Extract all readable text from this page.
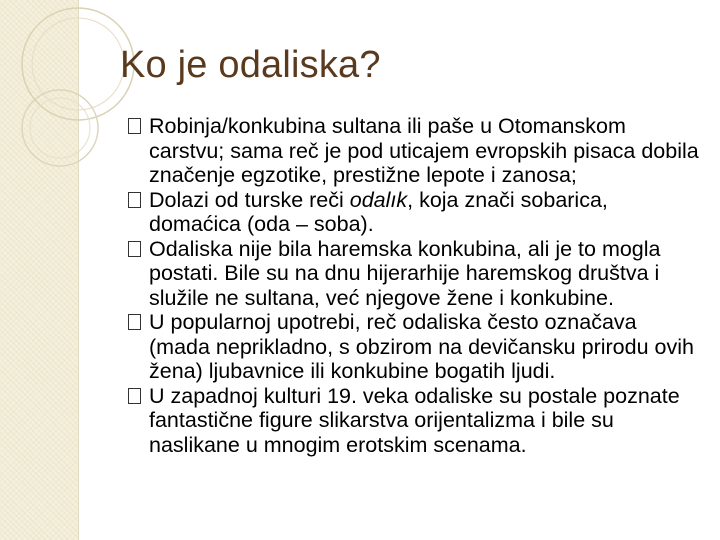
Ko je odaliska?
Robinja/konkubina sultana ili paše u Otomanskom carstvu; sama reč je pod uticajem evropskih pisaca dobila značenje egzotike, prestižne lepote i zanosa;
Dolazi od turske reči odalık, koja znači sobarica, domaćica (oda – soba).
Odaliska nije bila haremska konkubina, ali je to mogla postati. Bile su na dnu hijerarhije haremskog društva i služile ne sultana, već njegove žene i konkubine.
U popularnoj upotrebi, reč odaliska često označava (mada neprikladno, s obzirom na devičansku prirodu ovih žena) ljubavnice ili konkubine bogatih ljudi.
U zapadnoj kulturi 19. veka odaliske su postale poznate fantastične figure slikarstva orijentalizma i bile su naslikane u mnogim erotskim scenama.
